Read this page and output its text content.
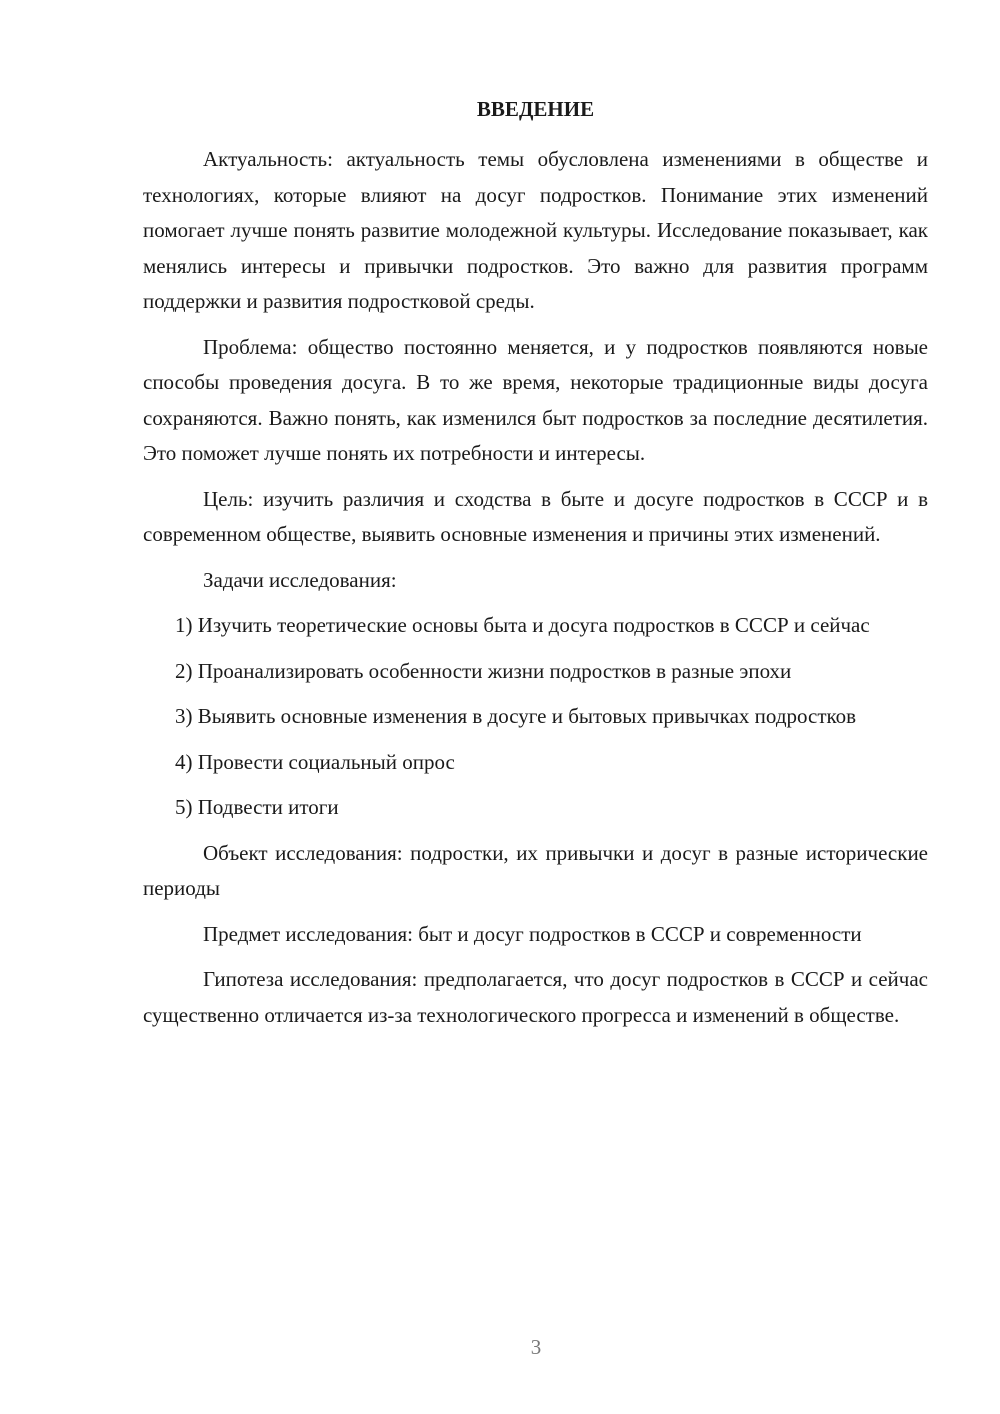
ВВЕДЕНИЕ

Актуальность: актуальность темы обусловлена изменениями в обществе и технологиях, которые влияют на досуг подростков. Понимание этих изменений помогает лучше понять развитие молодежной культуры. Исследование показывает, как менялись интересы и привычки подростков. Это важно для развития программ поддержки и развития подростковой среды.

Проблема: общество постоянно меняется, и у подростков появляются новые способы проведения досуга. В то же время, некоторые традиционные виды досуга сохраняются. Важно понять, как изменился быт подростков за последние десятилетия. Это поможет лучше понять их потребности и интересы.

Цель: изучить различия и сходства в быте и досуге подростков в СССР и в современном обществе, выявить основные изменения и причины этих изменений.

Задачи исследования:

1) Изучить теоретические основы быта и досуга подростков в СССР и сейчас

2) Проанализировать особенности жизни подростков в разные эпохи

3) Выявить основные изменения в досуге и бытовых привычках подростков

4) Провести социальный опрос

5) Подвести итоги

Объект исследования: подростки, их привычки и досуг в разные исторические периоды

Предмет исследования: быт и досуг подростков в СССР и современности

Гипотеза исследования: предполагается, что досуг подростков в СССР и сейчас существенно отличается из-за технологического прогресса и изменений в обществе.

3
